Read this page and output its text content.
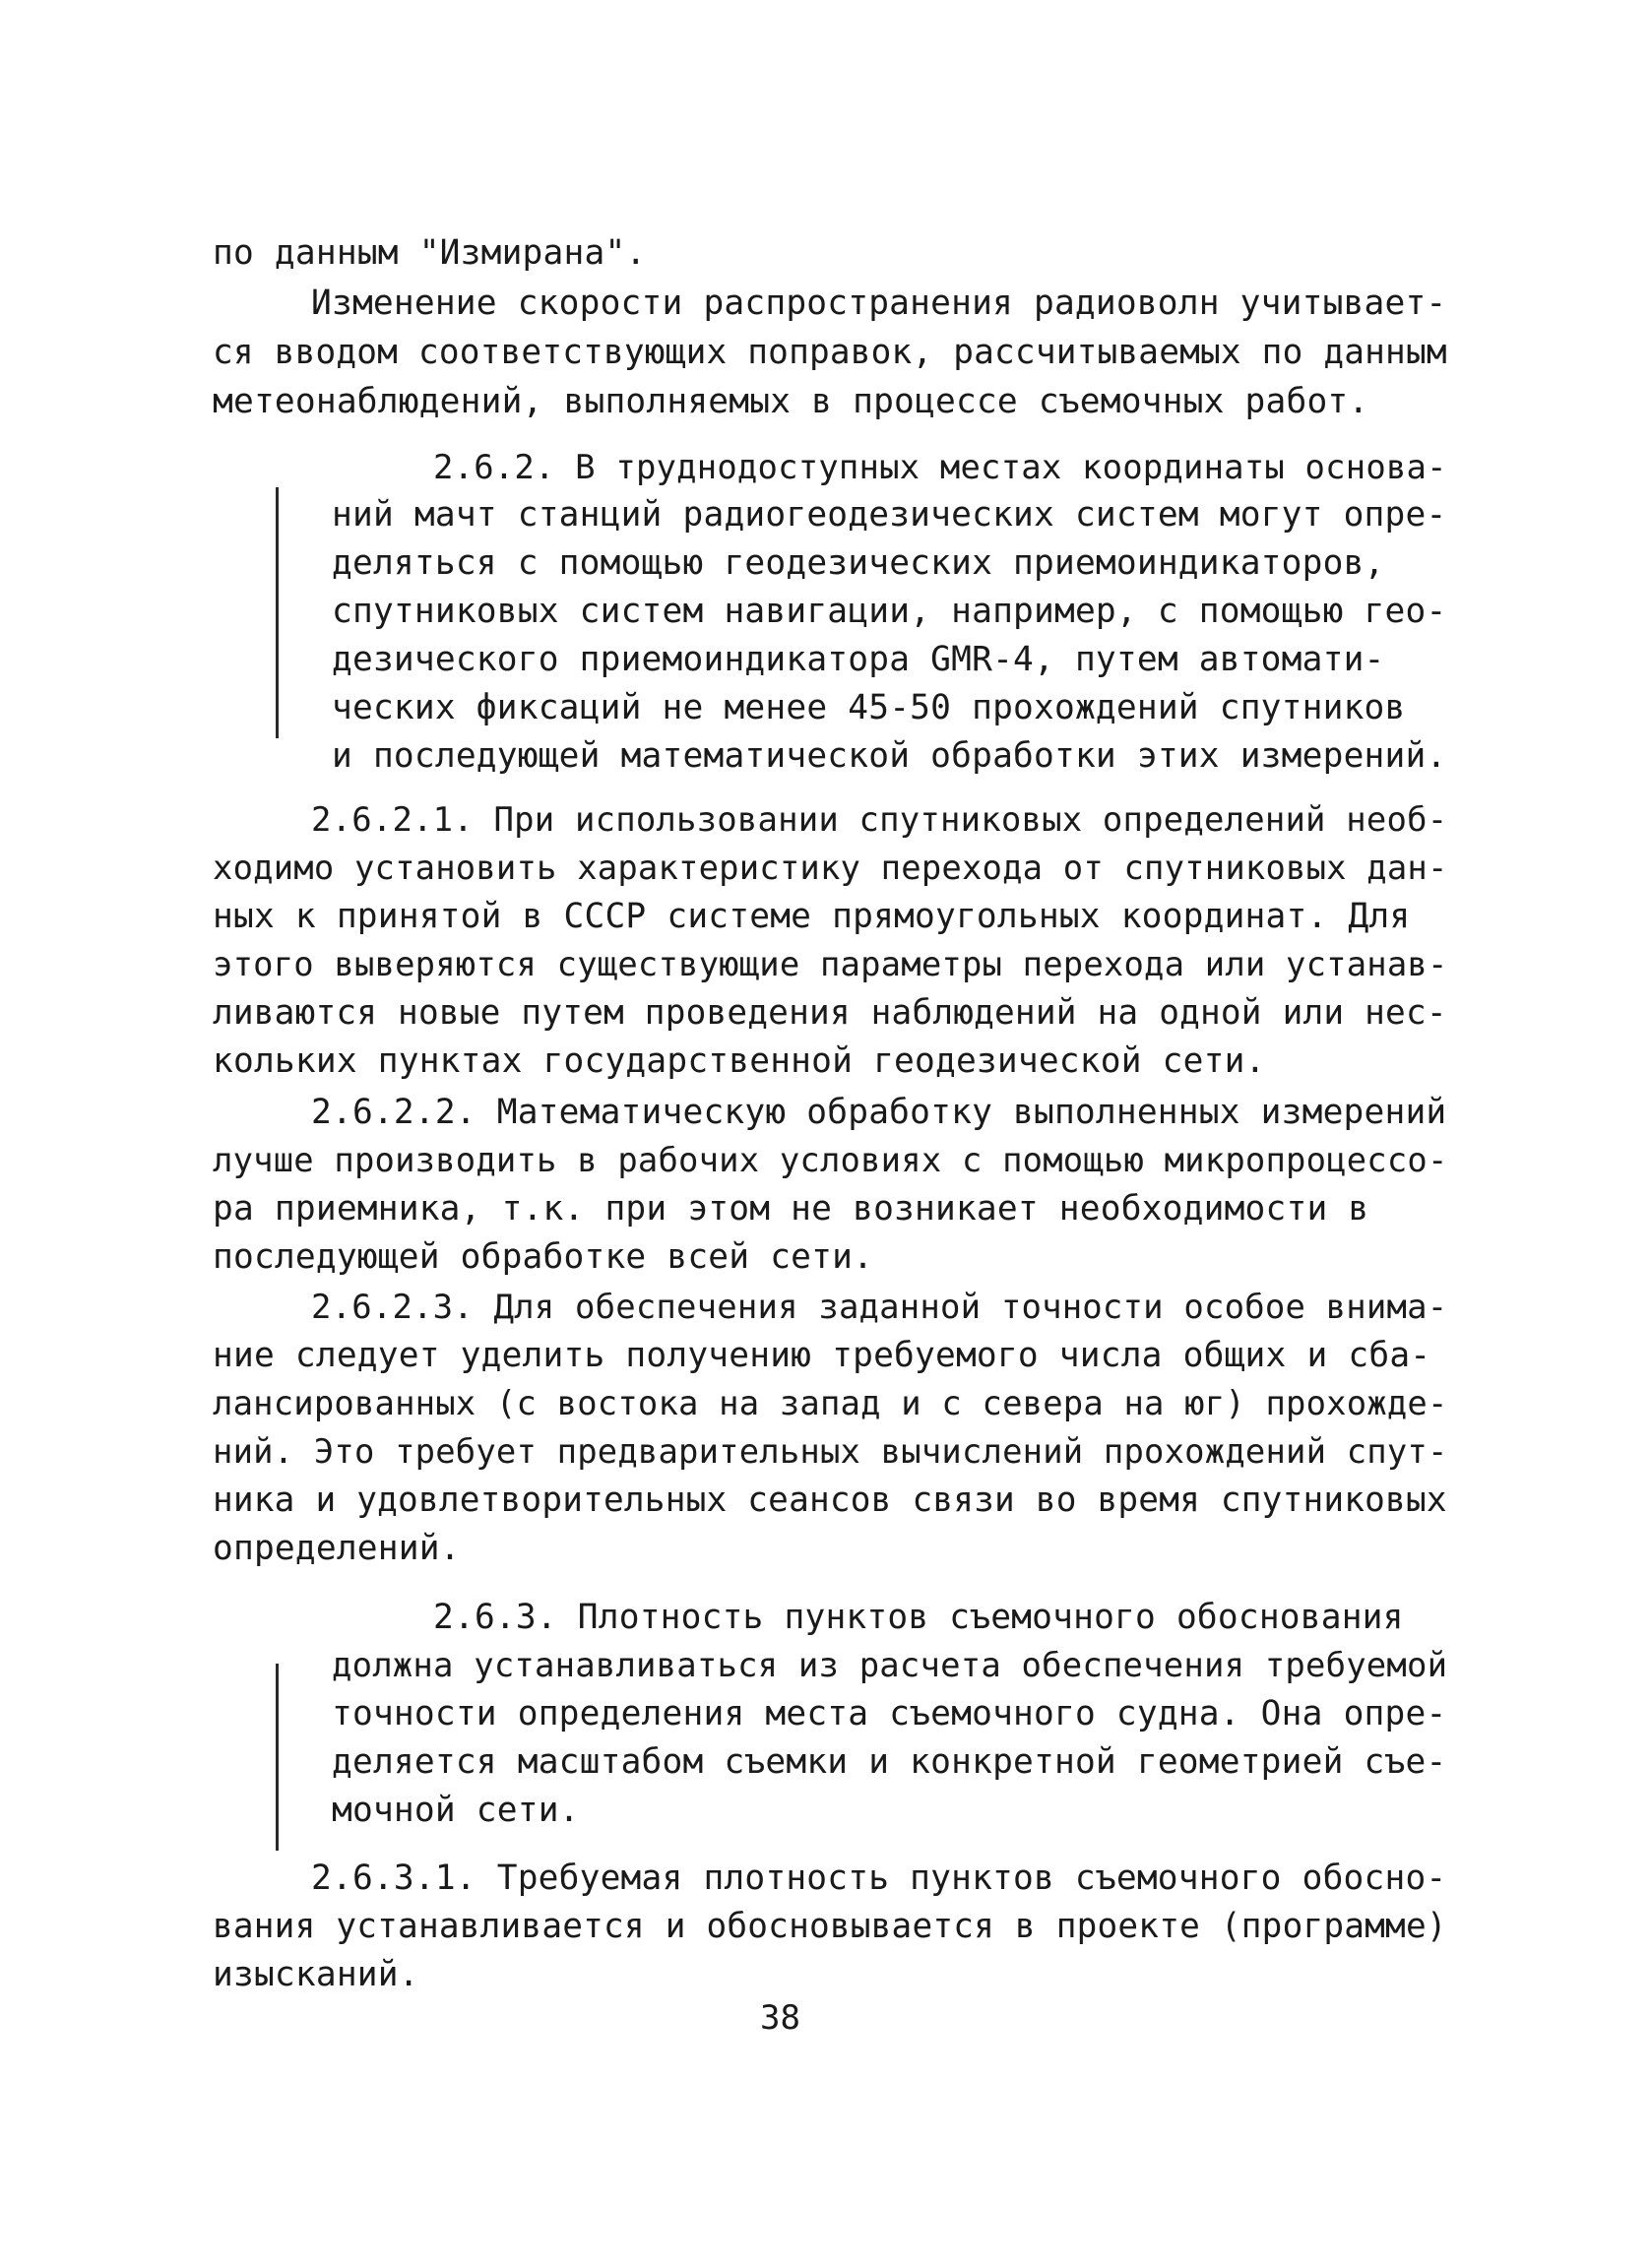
по данным "Измирана".
Изменение скорости распространения радиоволн учитывает-
ся вводом соответствующих поправок, рассчитываемых по данным
метеонаблюдений, выполняемых в процессе съемочных работ.
2.6.2. В труднодоступных местах координаты основа-
ний мачт станций радиогеодезических систем могут опре-
деляться с помощью геодезических приемоиндикаторов,
спутниковых систем навигации, например, с помощью гео-
дезического приемоиндикатора GMR-4, путем автомати-
ческих фиксаций не менее 45-50 прохождений спутников
и последующей математической обработки этих измерений.
2.6.2.1. При использовании спутниковых определений необ-
ходимо установить характеристику перехода от спутниковых дан-
ных к принятой в СССР системе прямоугольных координат. Для
этого выверяются существующие параметры перехода или устанав-
ливаются новые путем проведения наблюдений на одной или нес-
кольких пунктах государственной геодезической сети.
2.6.2.2. Математическую обработку выполненных измерений
лучше производить в рабочих условиях с помощью микропроцессо-
ра приемника, т.к. при этом не возникает необходимости в
последующей обработке всей сети.
2.6.2.3. Для обеспечения заданной точности особое внима-
ние следует уделить получению требуемого числа общих и сба-
лансированных (с востока на запад и с севера на юг) прохожде-
ний. Это требует предварительных вычислений прохождений спут-
ника и удовлетворительных сеансов связи во время спутниковых
определений.
2.6.3. Плотность пунктов съемочного обоснования
должна устанавливаться из расчета обеспечения требуемой
точности определения места съемочного судна. Она опре-
деляется масштабом съемки и конкретной геометрией съе-
мочной сети.
2.6.3.1. Требуемая плотность пунктов съемочного обосно-
вания устанавливается и обосновывается в проекте (программе)
изысканий.
38
